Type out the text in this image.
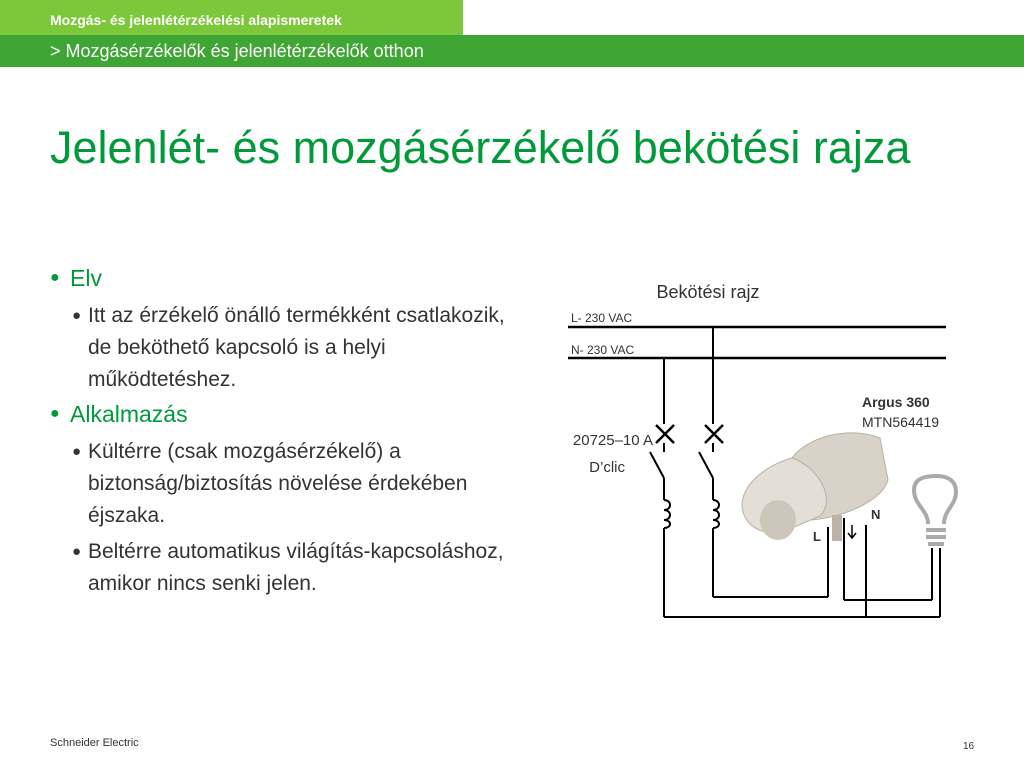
Mozgás- és jelenlétérzékelési alapismeretek
> Mozgásérzékelők és jelenlétérzékelők otthon
Jelenlét- és mozgásérzékelő bekötési rajza
● Elv
● Itt az érzékelő önálló termékként csatlakozik, de beköthető kapcsoló is a helyi működtetéshez.
● Alkalmazás
● Kültérre (csak mozgásérzékelő) a biztonság/biztosítás növelése érdekében éjszaka.
● Beltérre automatikus világítás-kapcsoláshoz, amikor nincs senki jelen.
Bekötési rajz
L- 230 VAC
N- 230 VAC
20725–10 A
D’clic
Argus 360
MTN564419
L
N
Schneider Electric	16
